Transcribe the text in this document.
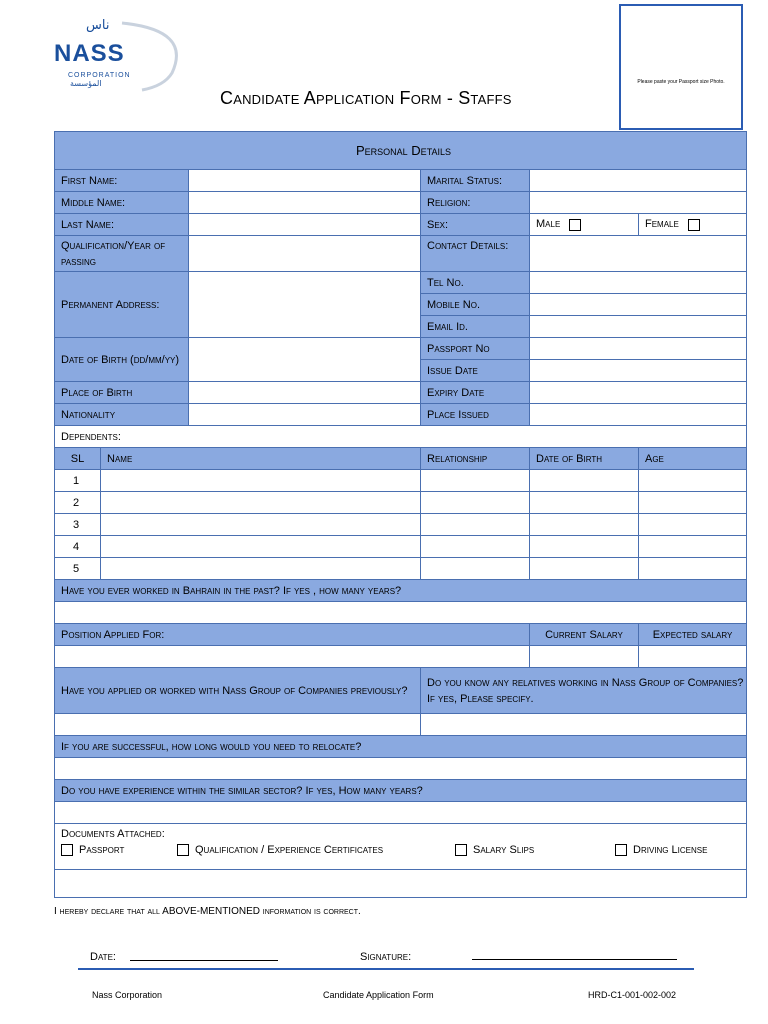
ناس
NASS
CORPORATION
المؤسسة
Candidate Application Form - Staffs
Please paste your Passport size Photo.
Personal Details					
First Name:			Marital Status:		
Middle Name:			Religion:		
Last Name:			Sex:	Male	Female
Qualification/Year of passing			Contact Details:		
Permanent Address:			Tel No.		
			Mobile No.		
			Email Id.		
Date of Birth (dd/mm/yy)			Passport No		
			Issue Date		
Place of Birth			Expiry Date		
Nationality			Place Issued		
Dependents:					
SL	Name		Relationship	Date of Birth	Age
1					
2					
3					
4					
5					
Have you ever worked in Bahrain in the past? If yes , how many years?					

Position Applied For:				Current Salary	Expected salary

Have you applied or worked with Nass Group of Companies previously?			Do you know any relatives working in Nass Group of Companies? If yes, Please specify.		

If you are successful, how long would you need to relocate?					

Do you have experience within the similar sector? If yes, How many years?					

Documents Attached:
Passport Qualification / Experience Certificates Salary Slips Driving License					

I hereby declare that all ABOVE-MENTIONED information is correct.
Date:	Signature:
Nass Corporation	Candidate Application Form	HRD-C1-001-002-002
